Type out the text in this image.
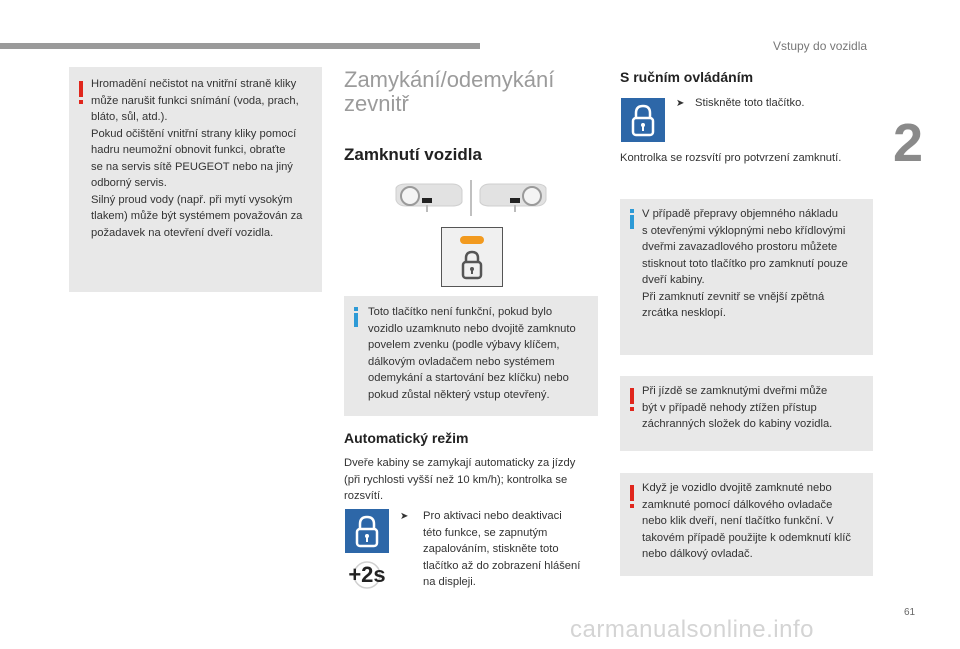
Vstupy do vozidla
2
61
carmanualsonline.info
Hromadění nečistot na vnitřní straně kliky
může narušit funkci snímání (voda, prach,
bláto, sůl, atd.).
Pokud očištění vnitřní strany kliky pomocí
hadru neumožní obnovit funkci, obraťte
se na servis sítě PEUGEOT nebo na jiný
odborný servis.
Silný proud vody (např. při mytí vysokým
tlakem) může být systémem považován za
požadavek na otevření dveří vozidla.
Zamykání/odemykání
zevnitř
Zamknutí vozidla
Toto tlačítko není funkční, pokud bylo
vozidlo uzamknuto nebo dvojitě zamknuto
povelem zvenku (podle výbavy klíčem,
dálkovým ovladačem nebo systémem
odemykání a startování bez klíčku) nebo
pokud zůstal některý vstup otevřený.
Automatický režim
Dveře kabiny se zamykají automaticky za jízdy
(při rychlosti vyšší než 10 km/h); kontrolka se
rozsvítí.
+2s
➤ Pro aktivaci nebo deaktivaci
této funkce, se zapnutým
zapalováním, stiskněte toto
tlačítko až do zobrazení hlášení
na displeji.
S ručním ovládáním
➤ Stiskněte toto tlačítko.
Kontrolka se rozsvítí pro potvrzení zamknutí.
V případě přepravy objemného nákladu
s otevřenými výklopnými nebo křídlovými
dveřmi zavazadlového prostoru můžete
stisknout toto tlačítko pro zamknutí pouze
dveří kabiny.
Při zamknutí zevnitř se vnější zpětná
zrcátka nesklopí.
Při jízdě se zamknutými dveřmi může
být v případě nehody ztížen přístup
záchranných složek do kabiny vozidla.
Když je vozidlo dvojitě zamknuté nebo
zamknuté pomocí dálkového ovladače
nebo klik dveří, není tlačítko funkční. V
takovém případě použijte k odemknutí klíč
nebo dálkový ovladač.
